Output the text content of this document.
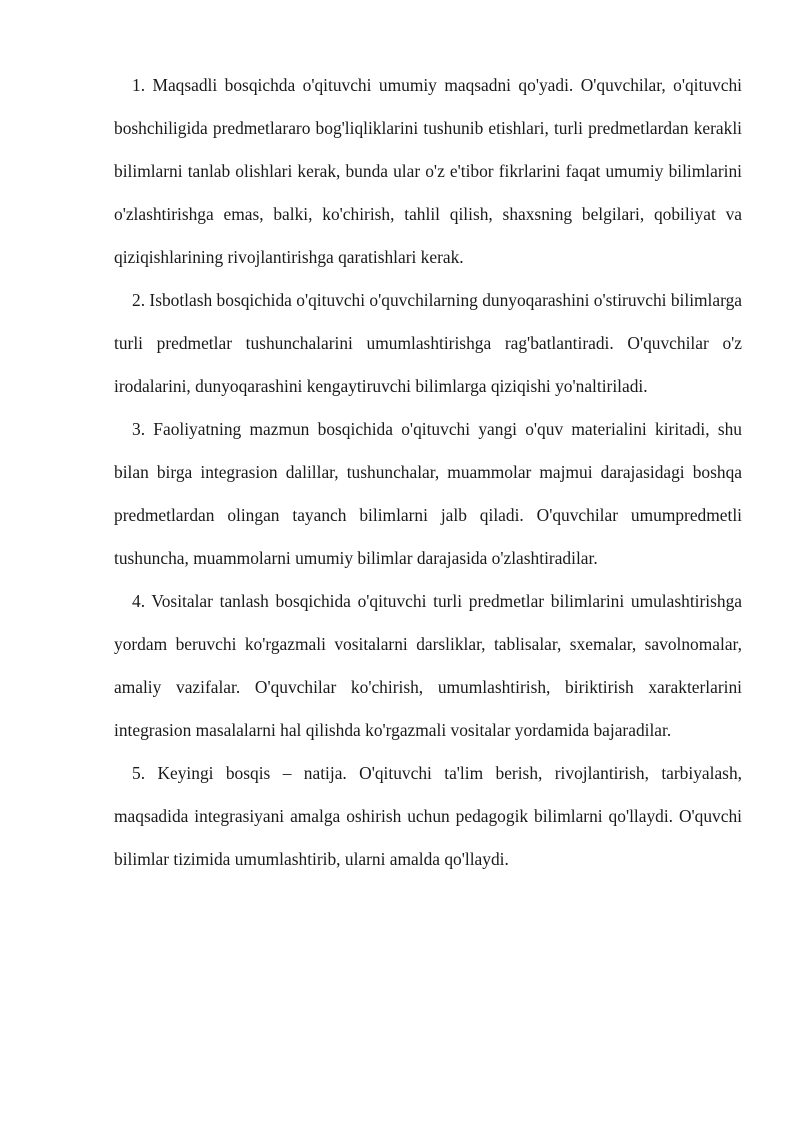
1. Maqsadli bosqichda o'qituvchi umumiy maqsadni qo'yadi. O'quvchilar, o'qituvchi boshchiligida predmetlararo bog'liqliklarini tushunib etishlari, turli predmetlardan kerakli bilimlarni tanlab olishlari kerak, bunda ular o'z e'tibor fikrlarini faqat umumiy bilimlarini o'zlashtirishga emas, balki, ko'chirish, tahlil qilish, shaxsning belgilari, qobiliyat va qiziqishlarining rivojlantirishga qaratishlari kerak.

2. Isbotlash bosqichida o'qituvchi o'quvchilarning dunyoqarashini o'stiruvchi bilimlarga turli predmetlar tushunchalarini umumlashtirishga rag'batlantiradi. O'quvchilar o'z irodalarini, dunyoqarashini kengaytiruvchi bilimlarga qiziqishi yo'naltiriladi.

3. Faoliyatning mazmun bosqichida o'qituvchi yangi o'quv materialini kiritadi, shu bilan birga integrasion dalillar, tushunchalar, muammolar majmui darajasidagi boshqa predmetlardan olingan tayanch bilimlarni jalb qiladi. O'quvchilar umumpredmetli tushuncha, muammolarni umumiy bilimlar darajasida o'zlashtiradilar.

4. Vositalar tanlash bosqichida o'qituvchi turli predmetlar bilimlarini umulashtirishga yordam beruvchi ko'rgazmali vositalarni darsliklar, tablisalar, sxemalar, savolnomalar, amaliy vazifalar. O'quvchilar ko'chirish, umumlashtirish, biriktirish xarakterlarini integrasion masalalarni hal qilishda ko'rgazmali vositalar yordamida bajaradilar.

5. Keyingi bosqis – natija. O'qituvchi ta'lim berish, rivojlantirish, tarbiyalash, maqsadida integrasiyani amalga oshirish uchun pedagogik bilimlarni qo'llaydi. O'quvchi bilimlar tizimida umumlashtirib, ularni amalda qo'llaydi.
